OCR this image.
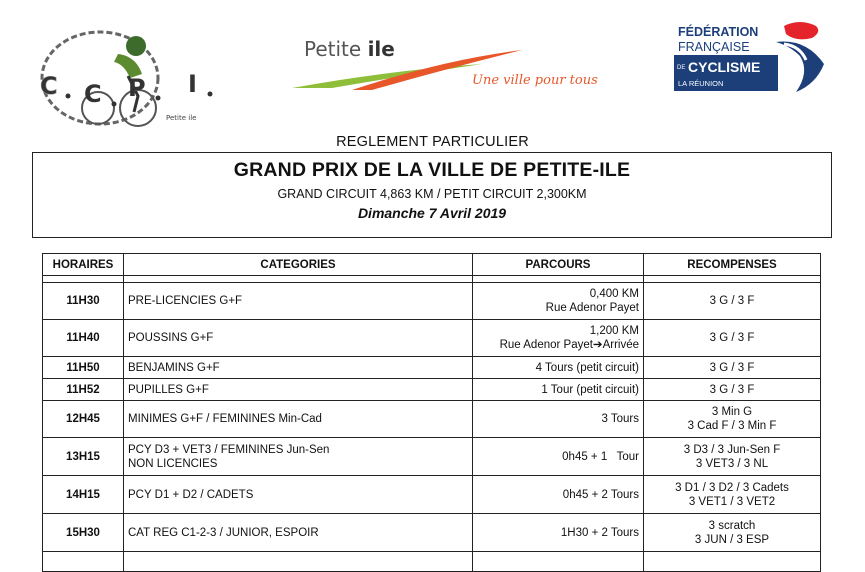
C C P I
Petite ile
Petite ile
Une ville pour tous
FÉDÉRATION
FRANÇAISE
DE CYCLISME
LA RÉUNION
REGLEMENT PARTICULIER
GRAND PRIX DE LA VILLE DE PETITE-ILE
GRAND CIRCUIT 4,863 KM / PETIT CIRCUIT 2,300KM
Dimanche 7 Avril 2019
HORAIRES	CATEGORIES	PARCOURS	RECOMPENSES

11H30	PRE-LICENCIES G+F	0,400 KM
Rue Adenor Payet	3 G / 3 F
11H40	POUSSINS G+F	1,200 KM
Rue Adenor Payet➔Arrivée	3 G / 3 F
11H50	BENJAMINS G+F	4 Tours (petit circuit)	3 G / 3 F
11H52	PUPILLES G+F	1 Tour (petit circuit)	3 G / 3 F
12H45	MINIMES G+F / FEMININES Min-Cad	3 Tours	3 Min G
3 Cad F / 3 Min F
13H15	PCY D3 + VET3 / FEMININES Jun-Sen
NON LICENCIES	0h45 + 1   Tour	3 D3 / 3 Jun-Sen F
3 VET3 / 3 NL
14H15	PCY D1 + D2 / CADETS	0h45 + 2 Tours	3 D1 / 3 D2 / 3 Cadets
3 VET1 / 3 VET2
15H30	CAT REG C1-2-3 / JUNIOR, ESPOIR	1H30 + 2 Tours	3 scratch
3 JUN / 3 ESP
